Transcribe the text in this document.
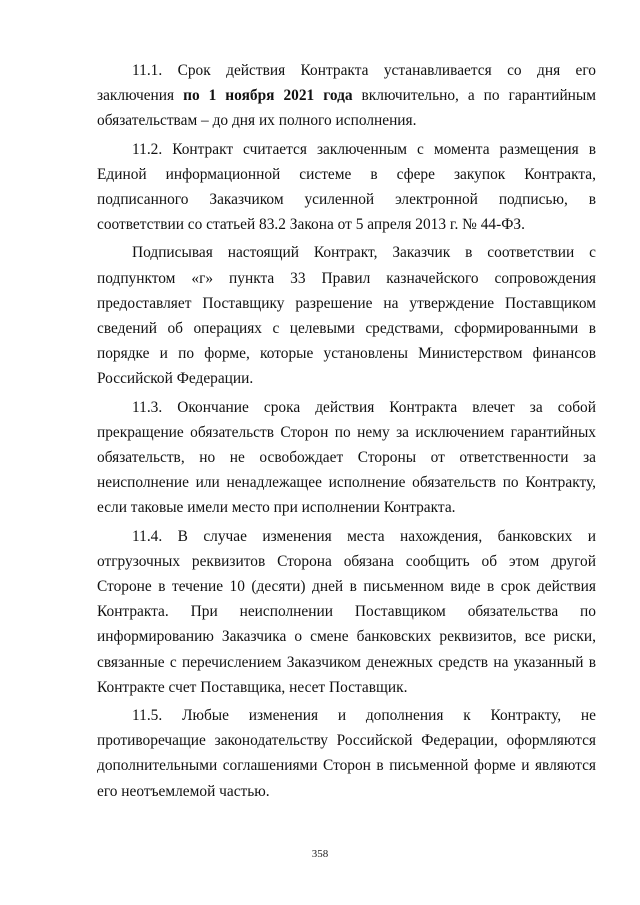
11.1. Срок действия Контракта устанавливается со дня его заключения по 1 ноября 2021 года включительно, а по гарантийным обязательствам – до дня их полного исполнения.

11.2. Контракт считается заключенным с момента размещения в Единой информационной системе в сфере закупок Контракта, подписанного Заказчиком усиленной электронной подписью, в соответствии со статьей 83.2 Закона от 5 апреля 2013 г. № 44-ФЗ.

Подписывая настоящий Контракт, Заказчик в соответствии с подпунктом «г» пункта 33 Правил казначейского сопровождения предоставляет Поставщику разрешение на утверждение Поставщиком сведений об операциях с целевыми средствами, сформированными в порядке и по форме, которые установлены Министерством финансов Российской Федерации.

11.3. Окончание срока действия Контракта влечет за собой прекращение обязательств Сторон по нему за исключением гарантийных обязательств, но не освобождает Стороны от ответственности за неисполнение или ненадлежащее исполнение обязательств по Контракту, если таковые имели место при исполнении Контракта.

11.4. В случае изменения места нахождения, банковских и отгрузочных реквизитов Сторона обязана сообщить об этом другой Стороне в течение 10 (десяти) дней в письменном виде в срок действия Контракта. При неисполнении Поставщиком обязательства по информированию Заказчика о смене банковских реквизитов, все риски, связанные с перечислением Заказчиком денежных средств на указанный в Контракте счет Поставщика, несет Поставщик.

11.5. Любые изменения и дополнения к Контракту, не противоречащие законодательству Российской Федерации, оформляются дополнительными соглашениями Сторон в письменной форме и являются его неотъемлемой частью.

358
